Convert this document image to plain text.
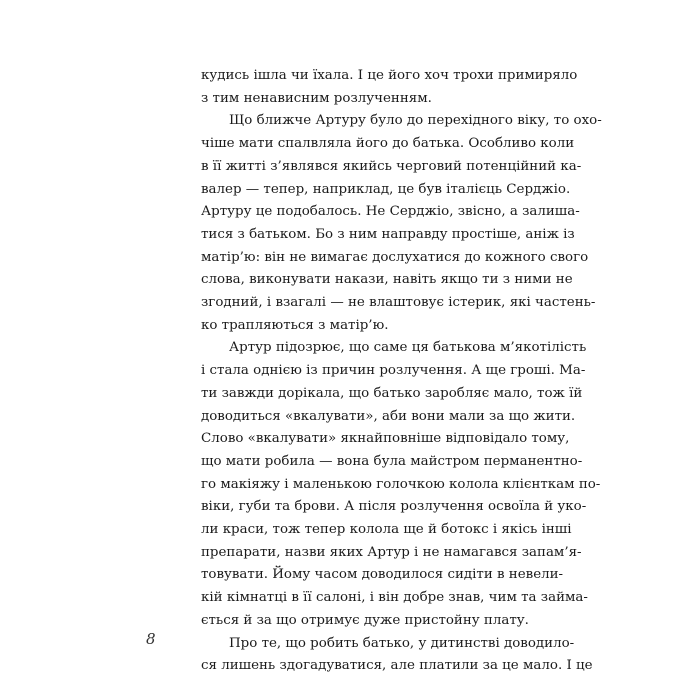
кудись ішла чи їхала. І це його хоч трохи примиряло
з тим ненависним розлученням.
Що ближче Артуру було до перехідного віку, то охо-
чіше мати спалвляла його до батька. Особливо коли
в її житті з’являвся якийсь черговий потенційний ка-
валер — тепер, наприклад, це був італієць Серджіо.
Артуру це подобалось. Не Серджіо, звісно, а залиша-
тися з батьком. Бо з ним направду простіше, аніж із
матір’ю: він не вимагає дослухатися до кожного свого
слова, виконувати накази, навіть якщо ти з ними не
згодний, і взагалі — не влаштовує істерик, які частень-
ко трапляються з матір’ю.
Артур підозрює, що саме ця батькова м’якотілість
і стала однією із причин розлучення. А ще гроші. Ма-
ти завжди дорікала, що батько заробляє мало, тож їй
доводиться «вкалувати», аби вони мали за що жити.
Слово «вкалувати» якнайповніше відповідало тому,
що мати робила — вона була майстром перманентно-
го макіяжу і маленькою голочкою колола клієнткам по-
віки, губи та брови. А після розлучення освоїла й уко-
ли краси, тож тепер колола ще й ботокс і якісь інші
препарати, назви яких Артур і не намагався запам’я-
товувати. Йому часом доводилося сидіти в невели-
кій кімнатці в її салоні, і він добре знав, чим та займа-
ється й за що отримує дуже пристойну плату.
Про те, що робить батько, у дитинстві доводило-
ся лишень здогадуватися, але платили за це мало. І це
8
